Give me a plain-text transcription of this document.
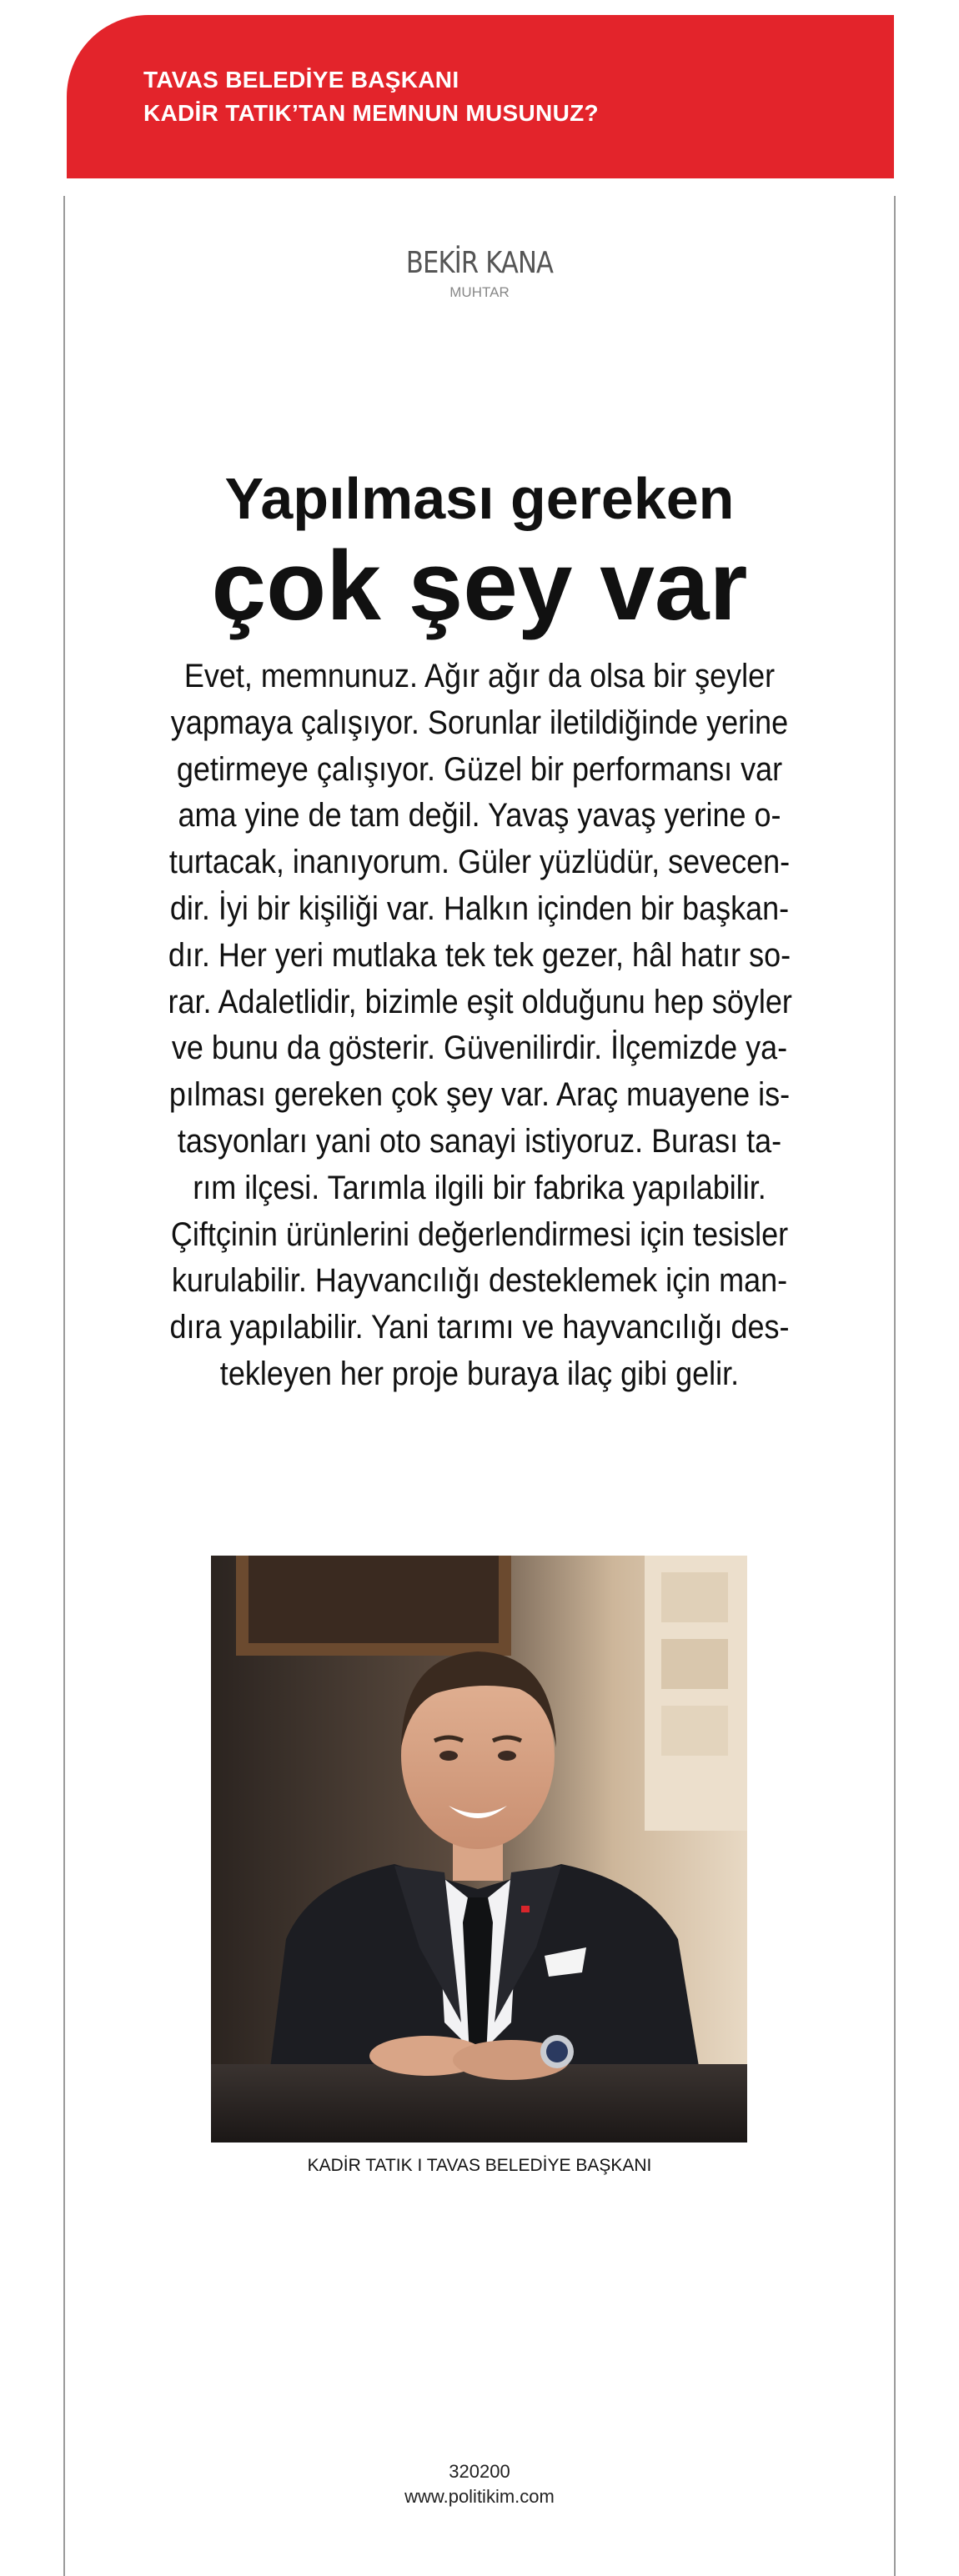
TAVAS BELEDİYE BAŞKANI
KADİR TATIK’TAN MEMNUN MUSUNUZ?
BEKİR KANA
MUHTAR
Yapılması gereken
çok şey var
Evet, memnunuz. Ağır ağır da olsa bir şeyler
yapmaya çalışıyor. Sorunlar iletildiğinde yerine
getirmeye çalışıyor. Güzel bir performansı var
ama yine de tam değil. Yavaş yavaş yerine o-
turtacak, inanıyorum. Güler yüzlüdür, sevecen-
dir. İyi bir kişiliği var. Halkın içinden bir başkan-
dır. Her yeri mutlaka tek tek gezer, hâl hatır so-
rar. Adaletlidir, bizimle eşit olduğunu hep söyler
ve bunu da gösterir. Güvenilirdir. İlçemizde ya-
pılması gereken çok şey var. Araç muayene is-
tasyonları yani oto sanayi istiyoruz. Burası ta-
rım ilçesi. Tarımla ilgili bir fabrika yapılabilir.
Çiftçinin ürünlerini değerlendirmesi için tesisler
kurulabilir. Hayvancılığı desteklemek için man-
dıra yapılabilir. Yani tarımı ve hayvancılığı des-
tekleyen her proje buraya ilaç gibi gelir.
KADİR TATIK I TAVAS BELEDİYE BAŞKANI
320200
www.politikim.com
